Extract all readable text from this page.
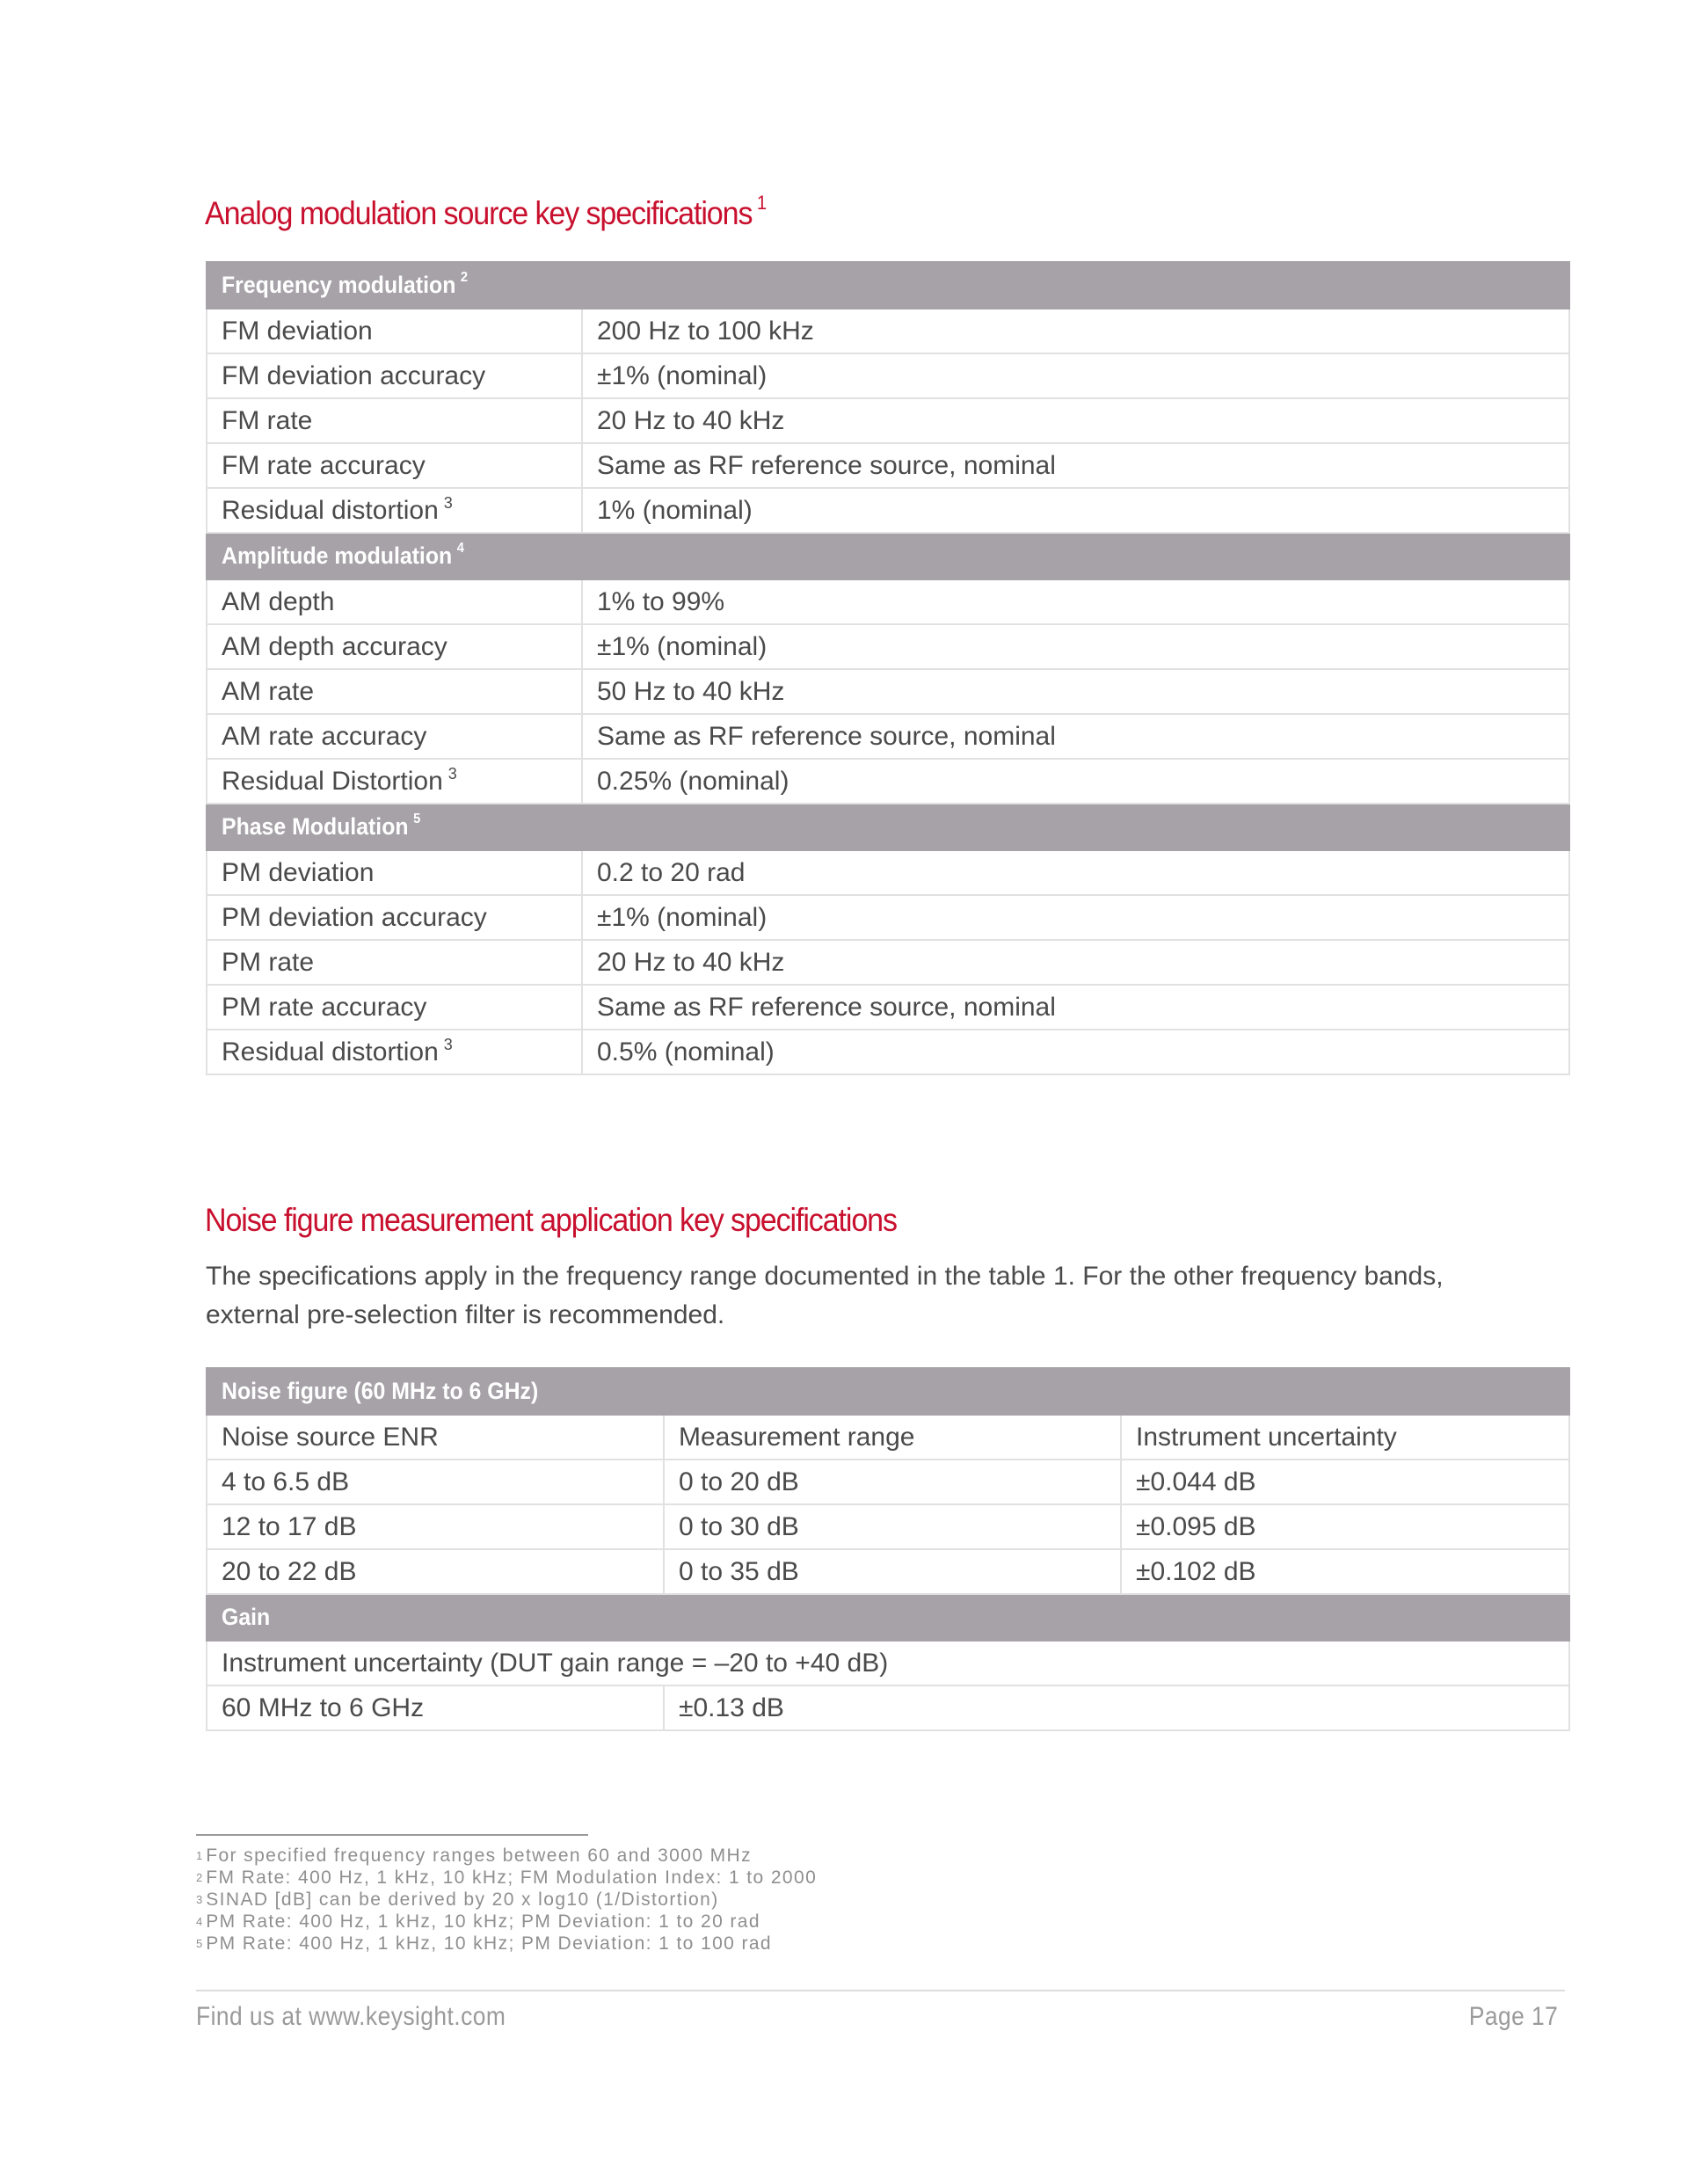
Analog modulation source key specifications $^1$
Frequency modulation $^2$
FM deviation	200 Hz to 100 kHz
FM deviation accuracy	±1% (nominal)
FM rate	20 Hz to 40 kHz
FM rate accuracy	Same as RF reference source, nominal
Residual distortion $^3$	1% (nominal)
Amplitude modulation $^4$
AM depth	1% to 99%
AM depth accuracy	±1% (nominal)
AM rate	50 Hz to 40 kHz
AM rate accuracy	Same as RF reference source, nominal
Residual Distortion $^3$	0.25% (nominal)
Phase Modulation $^5$
PM deviation	0.2 to 20 rad
PM deviation accuracy	±1% (nominal)
PM rate	20 Hz to 40 kHz
PM rate accuracy	Same as RF reference source, nominal
Residual distortion $^3$	0.5% (nominal)
Noise figure measurement application key specifications

The specifications apply in the frequency range documented in the table 1. For the other frequency bands, external pre-selection filter is recommended.

Noise figure (60 MHz to 6 GHz)		
Noise source ENR	Measurement range	Instrument uncertainty
4 to 6.5 dB	0 to 20 dB	±0.044 dB
12 to 17 dB	0 to 30 dB	±0.095 dB
20 to 22 dB	0 to 35 dB	±0.102 dB
Gain		
Instrument uncertainty (DUT gain range = –20 to +40 dB)		
60 MHz to 6 GHz	±0.13 dB	
$^1$ For specified frequency ranges between 60 and 3000 MHz
$^2$ FM Rate: 400 Hz, 1 kHz, 10 kHz; FM Modulation Index: 1 to 2000
$^3$ SINAD [dB] can be derived by 20 x log10 (1/Distortion)
$^4$ PM Rate: 400 Hz, 1 kHz, 10 kHz; PM Deviation: 1 to 20 rad
$^5$ PM Rate: 400 Hz, 1 kHz, 10 kHz; PM Deviation: 1 to 100 rad
Find us at www.keysight.com	Page 17
